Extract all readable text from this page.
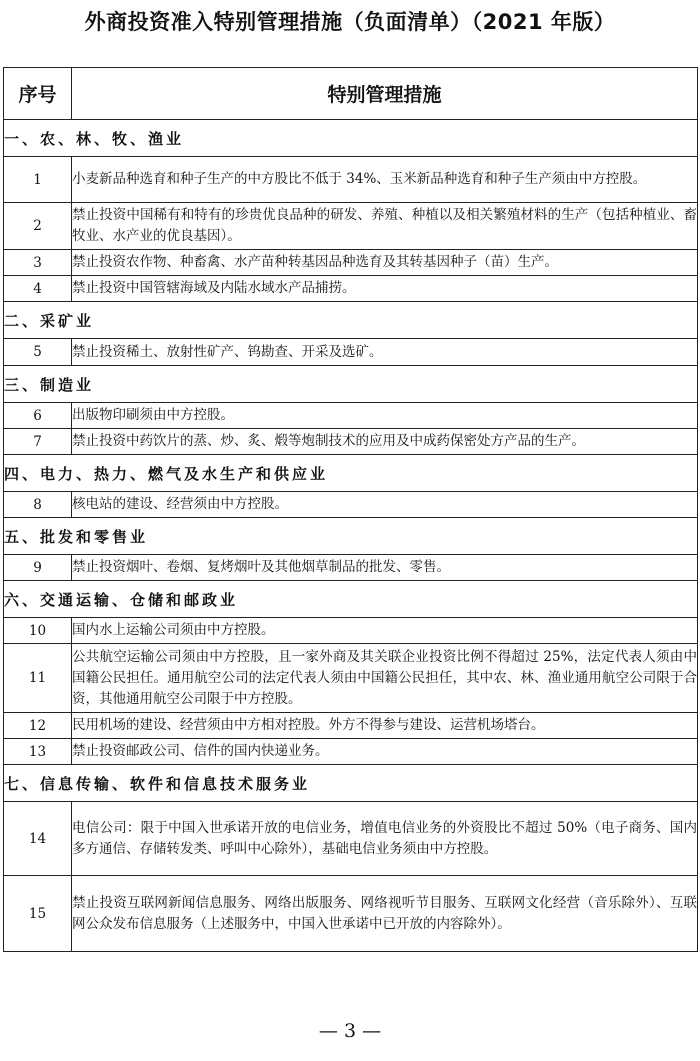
外商投资准入特别管理措施（负面清单）（2021 年版）
序号	特别管理措施
一、农、林、牧、渔业	
1	小麦新品种选育和种子生产的中方股比不低于 34%、玉米新品种选育和种子生产须由中方控股。
2	禁止投资中国稀有和特有的珍贵优良品种的研发、养殖、种植以及相关繁殖材料的生产（包括种植业、畜牧业、水产业的优良基因）。
3	禁止投资农作物、种畜禽、水产苗种转基因品种选育及其转基因种子（苗）生产。
4	禁止投资中国管辖海域及内陆水域水产品捕捞。
二、采矿业	
5	禁止投资稀土、放射性矿产、钨勘查、开采及选矿。
三、制造业	
6	出版物印刷须由中方控股。
7	禁止投资中药饮片的蒸、炒、炙、煅等炮制技术的应用及中成药保密处方产品的生产。
四、电力、热力、燃气及水生产和供应业	
8	核电站的建设、经营须由中方控股。
五、批发和零售业	
9	禁止投资烟叶、卷烟、复烤烟叶及其他烟草制品的批发、零售。
六、交通运输、仓储和邮政业	
10	国内水上运输公司须由中方控股。
11	公共航空运输公司须由中方控股，且一家外商及其关联企业投资比例不得超过 25%，法定代表人须由中国籍公民担任。通用航空公司的法定代表人须由中国籍公民担任，其中农、林、渔业通用航空公司限于合资，其他通用航空公司限于中方控股。
12	民用机场的建设、经营须由中方相对控股。外方不得参与建设、运营机场塔台。
13	禁止投资邮政公司、信件的国内快递业务。
七、信息传输、软件和信息技术服务业	
14	电信公司：限于中国入世承诺开放的电信业务，增值电信业务的外资股比不超过 50%（电子商务、国内多方通信、存储转发类、呼叫中心除外），基础电信业务须由中方控股。
15	禁止投资互联网新闻信息服务、网络出版服务、网络视听节目服务、互联网文化经营（音乐除外）、互联网公众发布信息服务（上述服务中，中国入世承诺中已开放的内容除外）。
— 3 —
